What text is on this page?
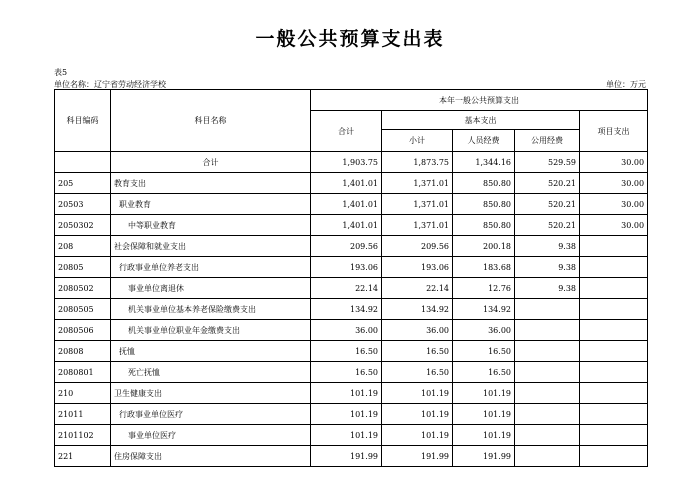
一般公共预算支出表
表5
单位名称：辽宁省劳动经济学校	单位：万元
科目编码	科目名称	本年一般公共预算支出				
		合计	基本支出			项目支出
			小计	人员经费	公用经费	
	合计	1,903.75	1,873.75	1,344.16	529.59	30.00
205	教育支出	1,401.01	1,371.01	850.80	520.21	30.00
20503	职业教育	1,401.01	1,371.01	850.80	520.21	30.00
2050302	中等职业教育	1,401.01	1,371.01	850.80	520.21	30.00
208	社会保障和就业支出	209.56	209.56	200.18	9.38	
20805	行政事业单位养老支出	193.06	193.06	183.68	9.38	
2080502	事业单位离退休	22.14	22.14	12.76	9.38	
2080505	机关事业单位基本养老保险缴费支出	134.92	134.92	134.92		
2080506	机关事业单位职业年金缴费支出	36.00	36.00	36.00		
20808	抚恤	16.50	16.50	16.50		
2080801	死亡抚恤	16.50	16.50	16.50		
210	卫生健康支出	101.19	101.19	101.19		
21011	行政事业单位医疗	101.19	101.19	101.19		
2101102	事业单位医疗	101.19	101.19	101.19		
221	住房保障支出	191.99	191.99	191.99		
